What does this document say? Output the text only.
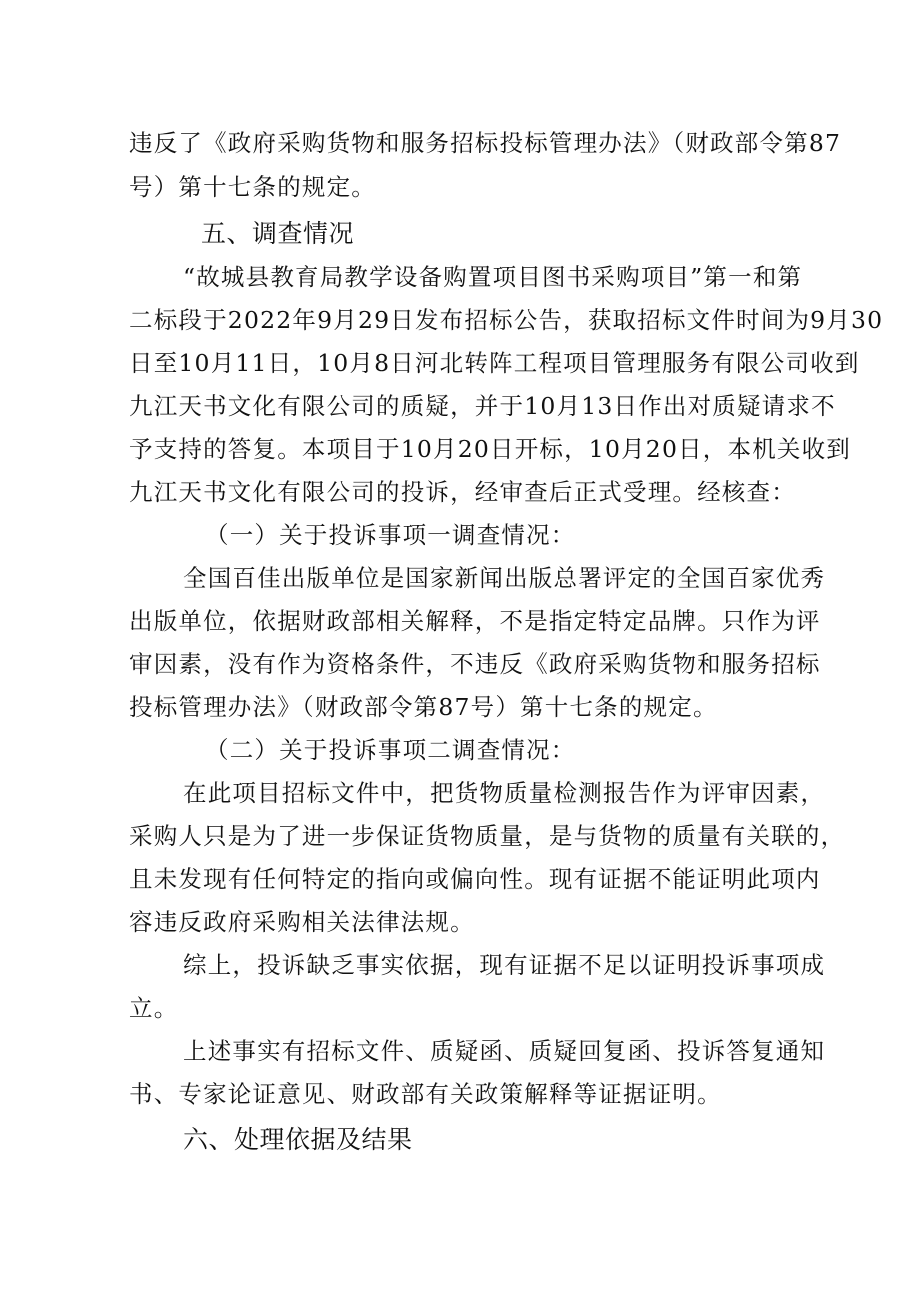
违反了《政府采购货物和服务招标投标管理办法》（财政部令第87
号）第十七条的规定。
五、调查情况
“故城县教育局教学设备购置项目图书采购项目”第一和第
二标段于2022年9月29日发布招标公告，获取招标文件时间为9月30
日至10月11日，10月8日河北转阵工程项目管理服务有限公司收到
九江天书文化有限公司的质疑，并于10月13日作出对质疑请求不
予支持的答复。本项目于10月20日开标，10月20日，本机关收到
九江天书文化有限公司的投诉，经审查后正式受理。经核查：
（一）关于投诉事项一调查情况：
全国百佳出版单位是国家新闻出版总署评定的全国百家优秀
出版单位，依据财政部相关解释，不是指定特定品牌。只作为评
审因素，没有作为资格条件，不违反《政府采购货物和服务招标
投标管理办法》（财政部令第87号）第十七条的规定。
（二）关于投诉事项二调查情况：
在此项目招标文件中，把货物质量检测报告作为评审因素，
采购人只是为了进一步保证货物质量，是与货物的质量有关联的，
且未发现有任何特定的指向或偏向性。现有证据不能证明此项内
容违反政府采购相关法律法规。
综上，投诉缺乏事实依据，现有证据不足以证明投诉事项成
立。
上述事实有招标文件、质疑函、质疑回复函、投诉答复通知
书、专家论证意见、财政部有关政策解释等证据证明。
六、处理依据及结果
